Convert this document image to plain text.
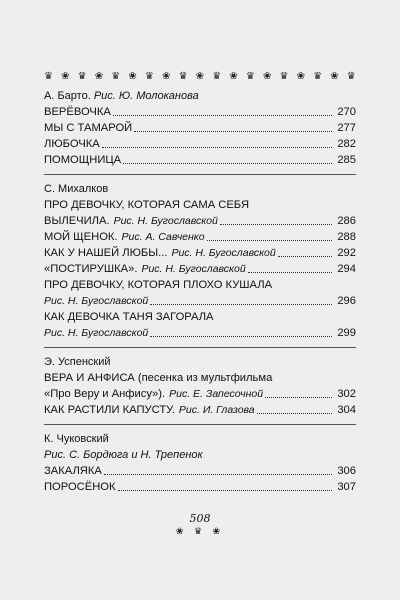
♛ ❀ ♛ ❀ ♛ ❀ ♛ ❀ ♛ ❀ ♛ ❀ ♛ ❀ ♛ ❀ ♛ ❀ ♛
А. Барто. Рис. Ю. Молоканова
ВЕРЁВОЧКА	270
МЫ С ТАМАРОЙ	277
ЛЮБОЧКА	282
ПОМОЩНИЦА	285
С. Михалков
ПРО ДЕВОЧКУ, КОТОРАЯ САМА СЕБЯ
ВЫЛЕЧИЛА. Рис. Н. Бугославской	286
МОЙ ЩЕНОК. Рис. А. Савченко	288
КАК У НАШЕЙ ЛЮБЫ... Рис. Н. Бугославской	292
«ПОСТИРУШКА». Рис. Н. Бугославской	294
ПРО ДЕВОЧКУ, КОТОРАЯ ПЛОХО КУШАЛА
Рис. Н. Бугославской	296
КАК ДЕВОЧКА ТАНЯ ЗАГОРАЛА
Рис. Н. Бугославской	299
Э. Успенский
ВЕРА И АНФИСА (песенка из мультфильма
«Про Веру и Анфису»). Рис. Е. Запесочной	302
КАК РАСТИЛИ КАПУСТУ. Рис. И. Глазова	304
К. Чуковский
Рис. С. Бордюга и Н. Трепенок
ЗАКАЛЯКА	306
ПОРОСЁНОК	307
508
❀ ♛ ❀
